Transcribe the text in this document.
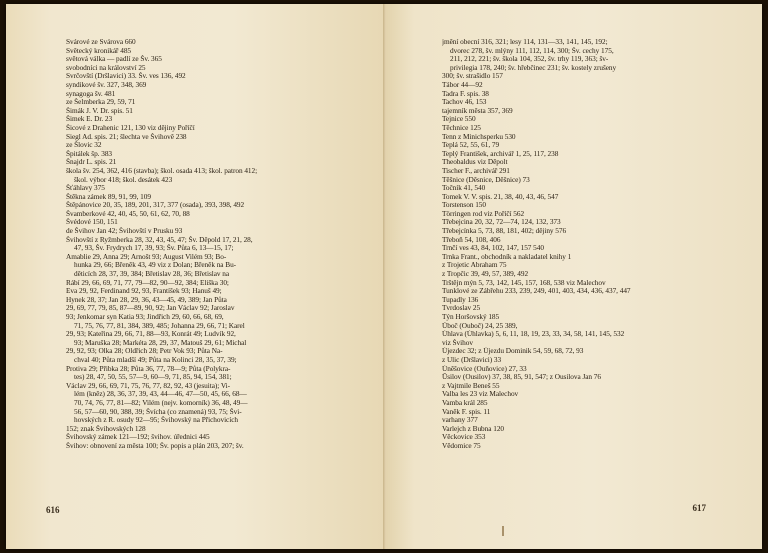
Svárové ze Svárova 660
Světecký kronikář 485
světová válka — padlí ze Šv. 365
svobodníci na království 25
Svrčovští (Dršlavici) 33. Šv. ves 136, 492
syndikové šv. 327, 348, 369
synagoga šv. 481
ze Šelmberka 29, 59, 71
Šimák J. V. Dr. spis. 51
Šimek E. Dr. 23
Šicové z Drahenic 121, 130 viz dějiny Poříčí
Siegl Ad. spis. 21; šlechta ve Švihově 238
ze Šlovic 32
Špitálek šp. 383
Šnajdr L. spis. 21
škola šv. 254, 362, 416 (stavba); škol. osada 413; škol. patron 412;
škol. výbor 418; škol. desátek 423
Šťáhlavy 375
Štěkna zámek 89, 91, 99, 109
Štěpánovice 20, 35, 189, 201, 317, 377 (osada), 393, 398, 492
Švamberkové 42, 40, 45, 50, 61, 62, 70, 88
Švédové 150, 151
de Švihov Jan 42; Švihovští v Prusku 93
Švihovští z Ryžmberka 28, 32, 43, 45, 47; Šv. Děpold 17, 21, 28,
47, 93, Šv. Frydrych 17, 39, 93; Šv. Půta 6, 13—15, 17;
Amablie 29, Anna 29; Arnošt 93; August Vilém 93; Bo-
hunka 29, 66; Břeněk 43, 49 viz z Dolan; Břeněk na Bu-
děticích 28, 37, 39, 384; Břetislav 28, 36; Břetislav na
Rábí 29, 66, 69, 71, 77, 79—82, 90—92, 384; Eliška 30;
Eva 29, 92, Ferdinand 92, 93, Frantíšek 93; Hanuš 49;
Hynek 28, 37; Jan 28, 29, 36, 43—45, 49, 389; Jan Půta
29, 69, 77, 79, 85, 87—89, 90, 92; Jan Václav 92; Jaroslav
93; Jenkomar syn Katia 93; Jindřich 29, 60, 66, 68, 69,
71, 75, 76, 77, 81, 384, 389, 485; Johanna 29, 66, 71; Karel
29, 93; Kateřina 29, 66, 71, 88—93, Konrát 49; Ludvík 92,
93; Maruška 28; Markéta 28, 29, 37, Matouš 29, 61; Michal
29, 92, 93; Olka 28; Oldřich 28; Petr Vok 93; Půta Na-
chval 40; Půta mladší 49; Půta na Kolinci 28, 35, 37, 39;
Protiva 29; Přibka 28; Půta 36, 77, 78—9; Půta (Polykra-
tes) 28, 47, 50, 55, 57—9, 60—9, 71, 85, 94, 154, 381;
Václav 29, 66, 69, 71, 75, 76, 77, 82, 92, 43 (jesuita); Vi-
lém (kněz) 28, 36, 37, 39, 43, 44—46, 47—50, 45, 66, 68—
70, 74, 76, 77, 81—82; Vilém (nejv. komorník) 36, 48, 49—
56, 57—60, 90, 388, 39; Švícha (co znamená) 93, 75; Švi-
hovských z R. osudy 92—95; Švihovský na Přichovicích
152; znak Švihovských 128
Švihovský zámek 121—192; švihov. úřednici 445
Švihov: obnovení za města 100; Šv. popis a plán 203, 207; šv.
616
jmění obecní 316, 321; lesy 114, 131—33, 141, 145, 192;
dvorec 278, šv. mlýny 111, 112, 114, 300; Šv. cechy 175,
211, 212, 221; šv. škola 104, 352, šv. trhy 119, 363; šv-
privilegia 178, 240; šv. hřebčinec 231; šv. kostely zrušeny
300; šv. strašidlo 157
Tábor 44—92
Tadra F. spis. 38
Tachov 46, 153
tajemník města 357, 369
Tejnice 550
Těchnice 125
Tenn z Minichsperku 530
Teplá 52, 55, 61, 79
Teplý František, archivář 1, 25, 117, 238
Theobaldus viz Děpolt
Tischer F., archivář 291
Těšnice (Děsnice, Děšnice) 73
Točník 41, 540
Tomek V. V. spis. 21, 38, 40, 43, 46, 547
Torstenson 150
Törringen rod viz Poříčí 562
Třebejcina 20, 32, 72—74, 124, 132, 373
Třebejcínka 5, 73, 88, 181, 402; dějiny 576
Třeboň 54, 108, 406
Trnčí ves 43, 84, 102, 147, 157 540
Trnka Frant., obchodník a nakladatel knihy 1
z Trojetic Abraham 75
z Tropčic 39, 49, 57, 389, 492
Trštějn mýn 5, 73, 142, 145, 157, 168, 538 viz Malechov
Tunklové ze Zábřehu 233, 239, 249, 401, 403, 434, 436, 437, 447
Tupadly 136
Tvrdoslav 25
Týn Horšovský 185
Ůboč (Ouboč) 24, 25 389,
Úhlava (Úhlavka) 5, 6, 11, 18, 19, 23, 33, 34, 58, 141, 145, 532
viz Švihov
Újezdec 32; z Újezdu Dominik 54, 59, 68, 72, 93
z Ulic (Dršlavici) 33
Úněšovice (Ouňovice) 27, 33
Ūsilov (Ousilov) 37, 38, 85, 91, 547; z Ousilova Jan 76
z Vajtmile Beneš 55
Valba les 23 viz Malechov
Vamba král 285
Vaněk F. spis. 11
varhany 377
Varlejch z Bubna 120
Věckovice 353
Vědomice 75
617
